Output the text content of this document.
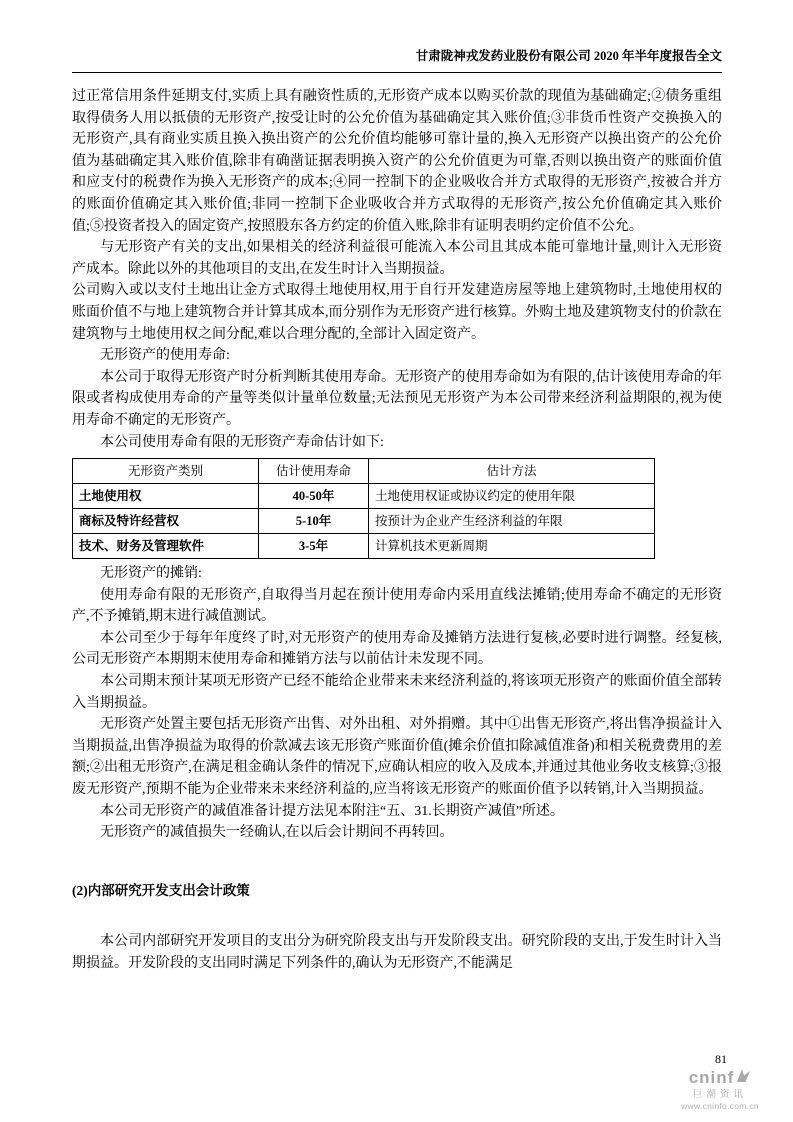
甘肃陇神戎发药业股份有限公司 2020 年半年度报告全文

过正常信用条件延期支付,实质上具有融资性质的,无形资产成本以购买价款的现值为基础确定;②债务重组取得债务人用以抵债的无形资产,按受让时的公允价值为基础确定其入账价值;③非货币性资产交换换入的无形资产,具有商业实质且换入换出资产的公允价值均能够可靠计量的,换入无形资产以换出资产的公允价值为基础确定其入账价值,除非有确凿证据表明换入资产的公允价值更为可靠,否则以换出资产的账面价值和应支付的税费作为换入无形资产的成本;④同一控制下的企业吸收合并方式取得的无形资产,按被合并方的账面价值确定其入账价值;非同一控制下企业吸收合并方式取得的无形资产,按公允价值确定其入账价值;⑤投资者投入的固定资产,按照股东各方约定的价值入账,除非有证明表明约定价值不公允。

与无形资产有关的支出,如果相关的经济利益很可能流入本公司且其成本能可靠地计量,则计入无形资产成本。除此以外的其他项目的支出,在发生时计入当期损益。

公司购入或以支付土地出让金方式取得土地使用权,用于自行开发建造房屋等地上建筑物时,土地使用权的账面价值不与地上建筑物合并计算其成本,而分别作为无形资产进行核算。外购土地及建筑物支付的价款在建筑物与土地使用权之间分配,难以合理分配的,全部计入固定资产。

无形资产的使用寿命:

本公司于取得无形资产时分析判断其使用寿命。无形资产的使用寿命如为有限的,估计该使用寿命的年限或者构成使用寿命的产量等类似计量单位数量;无法预见无形资产为本公司带来经济利益期限的,视为使用寿命不确定的无形资产。

本公司使用寿命有限的无形资产寿命估计如下:

无形资产类别	估计使用寿命	估计方法
土地使用权	40-50年	土地使用权证或协议约定的使用年限
商标及特许经营权	5-10年	按预计为企业产生经济利益的年限
技术、财务及管理软件	3-5年	计算机技术更新周期

无形资产的摊销:

使用寿命有限的无形资产,自取得当月起在预计使用寿命内采用直线法摊销;使用寿命不确定的无形资产,不予摊销,期末进行减值测试。

本公司至少于每年年度终了时,对无形资产的使用寿命及摊销方法进行复核,必要时进行调整。经复核,公司无形资产本期期末使用寿命和摊销方法与以前估计未发现不同。

本公司期末预计某项无形资产已经不能给企业带来未来经济利益的,将该项无形资产的账面价值全部转入当期损益。

无形资产处置主要包括无形资产出售、对外出租、对外捐赠。其中①出售无形资产,将出售净损益计入当期损益,出售净损益为取得的价款减去该无形资产账面价值(摊余价值扣除减值准备)和相关税费费用的差额;②出租无形资产,在满足租金确认条件的情况下,应确认相应的收入及成本,并通过其他业务收支核算;③报废无形资产,预期不能为企业带来未来经济利益的,应当将该无形资产的账面价值予以转销,计入当期损益。

本公司无形资产的减值准备计提方法见本附注“五、31.长期资产减值”所述。

无形资产的减值损失一经确认,在以后会计期间不再转回。

(2)内部研究开发支出会计政策

本公司内部研究开发项目的支出分为研究阶段支出与开发阶段支出。研究阶段的支出,于发生时计入当期损益。开发阶段的支出同时满足下列条件的,确认为无形资产,不能满足

81
cninf
巨潮资讯
www.cninfo.com.cn
